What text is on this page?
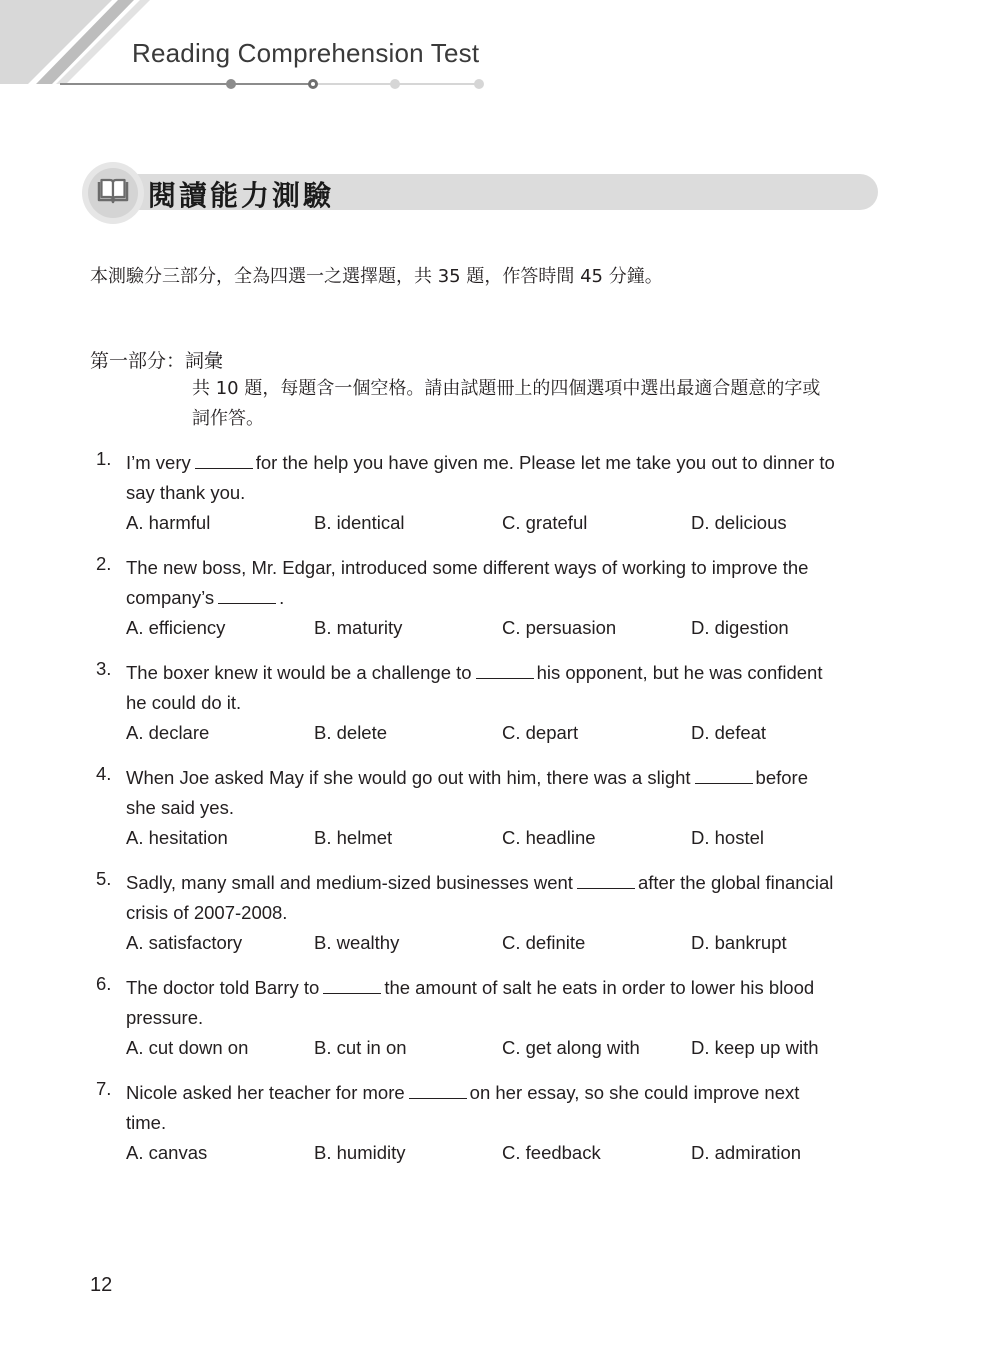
Reading Comprehension Test
閱讀能力測驗
本測驗分三部分，全為四選一之選擇題，共 35 題，作答時間 45 分鐘。
第一部分：詞彙
共 10 題，每題含一個空格。請由試題冊上的四個選項中選出最適合題意的字或
詞作答。
1. I’m very	for the help you have given me. Please let me take you out to dinner to
say thank you.
A. harmful	B. identical	C. grateful	D. delicious
2. The new boss, Mr. Edgar, introduced some different ways of working to improve the
company’s	.
A. efficiency	B. maturity	C. persuasion	D. digestion
3. The boxer knew it would be a challenge to	his opponent, but he was confident
he could do it.
A. declare	B. delete	C. depart	D. defeat
4. When Joe asked May if she would go out with him, there was a slight	before
she said yes.
A. hesitation	B. helmet	C. headline	D. hostel
5. Sadly, many small and medium-sized businesses went	after the global financial
crisis of 2007-2008.
A. satisfactory	B. wealthy	C. definite	D. bankrupt
6. The doctor told Barry to	the amount of salt he eats in order to lower his blood
pressure.
A. cut down on	B. cut in on	C. get along with	D. keep up with
7. Nicole asked her teacher for more	on her essay, so she could improve next
time.
A. canvas	B. humidity	C. feedback	D. admiration
12
